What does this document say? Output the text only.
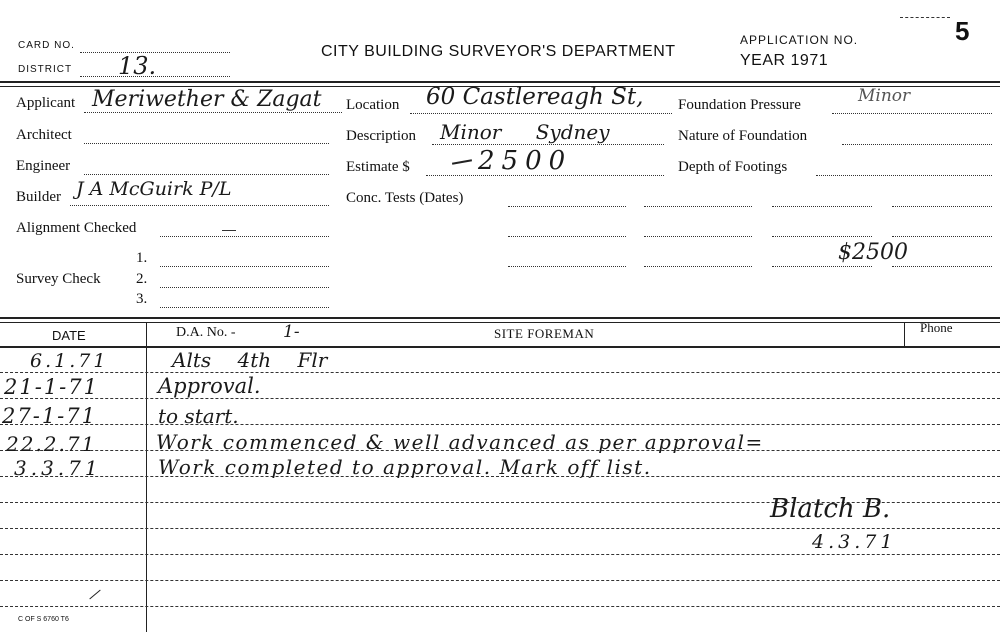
5
CARD NO.
DISTRICT 13.
CITY BUILDING SURVEYOR'S DEPARTMENT
APPLICATION NO.
YEAR 1971
Applicant Meriwether & Zagat
Architect
Engineer
Builder J A McGuirk P/L
Alignment Checked
1.
Survey Check 2.
3.
Location 60 Castlereagh St,
Description Minor Sydney
Estimate $	2500
Conc. Tests (Dates)
Foundation Pressure	Minor
Nature of Foundation
Depth of Footings
$2500
DATE	D.A. No. -	1-	SITE FOREMAN	Phone
6.1.71	Alts 4th Flr
21-1-71	Approval.
27-1-71	to start.
22.2.71	Work commenced & well advanced as per approval=
3.3.71	Work completed to approval. Mark off list.
Blatch B.
4.3.71
C OF S 6760 T6
